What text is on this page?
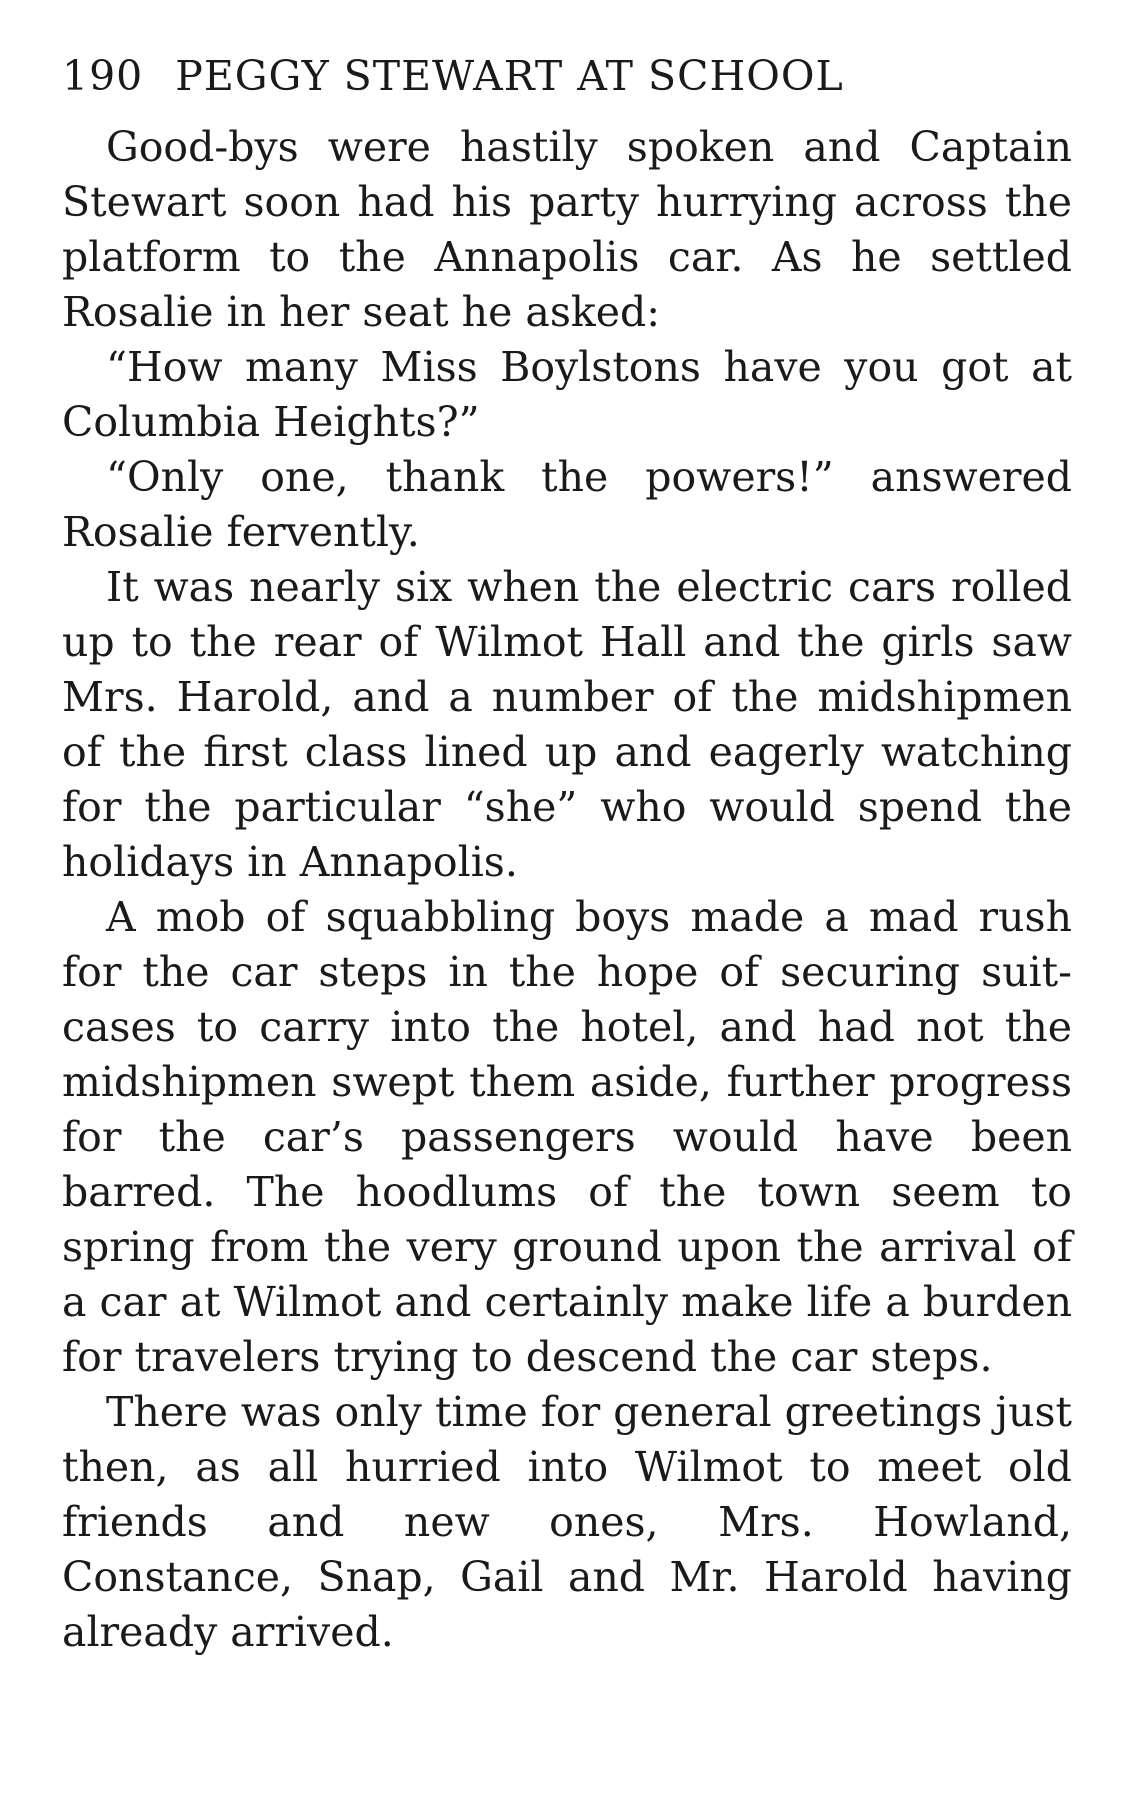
190 PEGGY STEWART AT SCHOOL

Good-bys were hastily spoken and Captain Stewart soon had his party hurrying across the platform to the Annapolis car. As he settled Rosalie in her seat he asked:

“How many Miss Boylstons have you got at Columbia Heights?”

“Only one, thank the powers!” answered Rosalie fervently.

It was nearly six when the electric cars rolled up to the rear of Wilmot Hall and the girls saw Mrs. Harold, and a number of the midshipmen of the first class lined up and eagerly watching for the particular “she” who would spend the holidays in Annapolis.

A mob of squabbling boys made a mad rush for the car steps in the hope of securing suit-cases to carry into the hotel, and had not the midshipmen swept them aside, further progress for the car’s passengers would have been barred. The hoodlums of the town seem to spring from the very ground upon the arrival of a car at Wilmot and certainly make life a burden for travelers trying to descend the car steps.

There was only time for general greetings just then, as all hurried into Wilmot to meet old friends and new ones, Mrs. Howland, Constance, Snap, Gail and Mr. Harold having already arrived.
